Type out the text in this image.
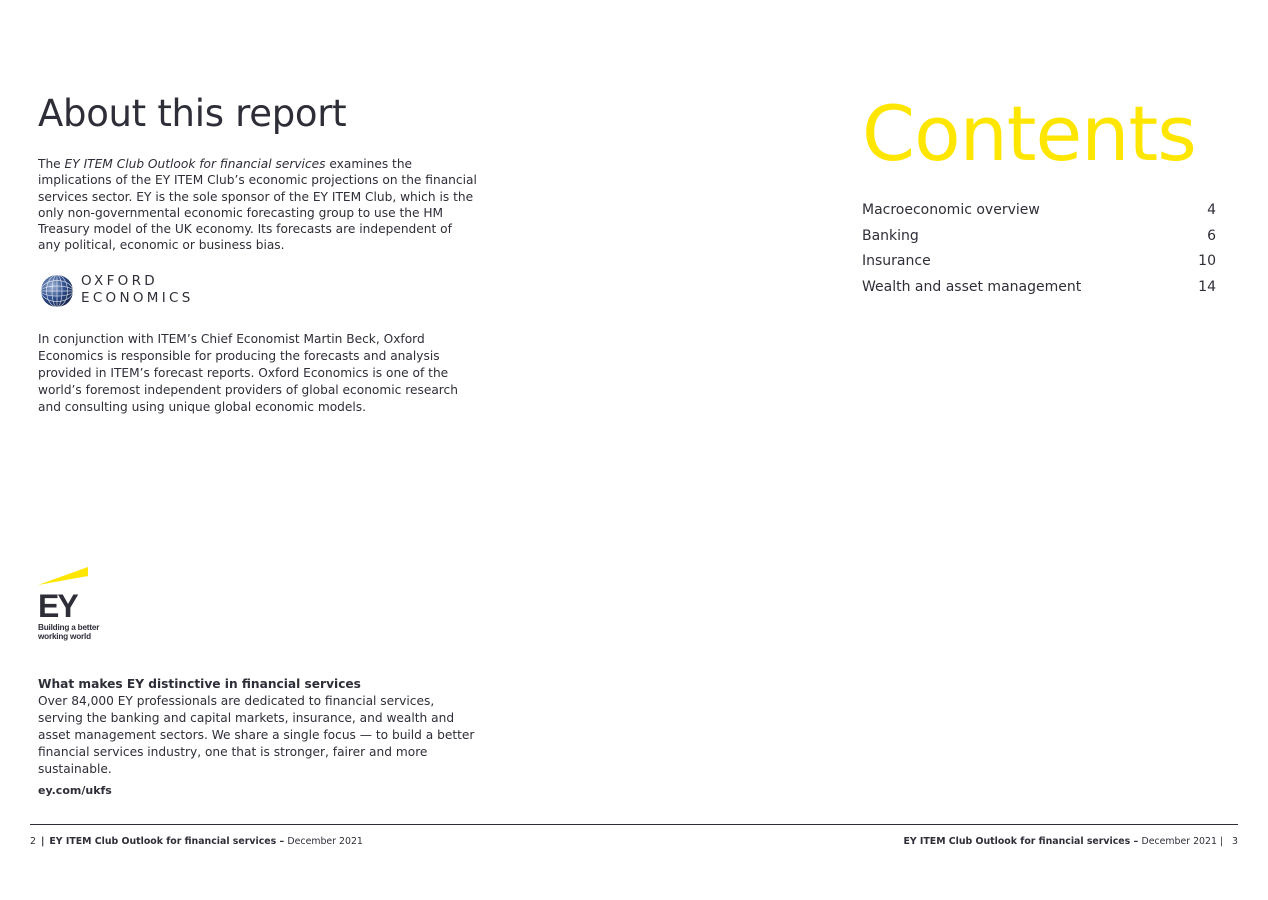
About this report
The EY ITEM Club Outlook for financial services examines the implications of the EY ITEM Club’s economic projections on the financial services sector. EY is the sole sponsor of the EY ITEM Club, which is the only non-governmental economic forecasting group to use the HM Treasury model of the UK economy. Its forecasts are independent of any political, economic or business bias.
OXFORD
ECONOMICS
In conjunction with ITEM’s Chief Economist Martin Beck, Oxford Economics is responsible for producing the forecasts and analysis provided in ITEM’s forecast reports. Oxford Economics is one of the world’s foremost independent providers of global economic research and consulting using unique global economic models.
EY
Building a better
working world
What makes EY distinctive in financial services
Over 84,000 EY professionals are dedicated to financial services, serving the banking and capital markets, insurance, and wealth and asset management sectors. We share a single focus — to build a better financial services industry, one that is stronger, fairer and more sustainable.
ey.com/ukfs
2 | EY ITEM Club Outlook for financial services – December 2021	EY ITEM Club Outlook for financial services – December 2021 | 3
Contents
Macroeconomic overview	4
Banking	6
Insurance	10
Wealth and asset management	14
